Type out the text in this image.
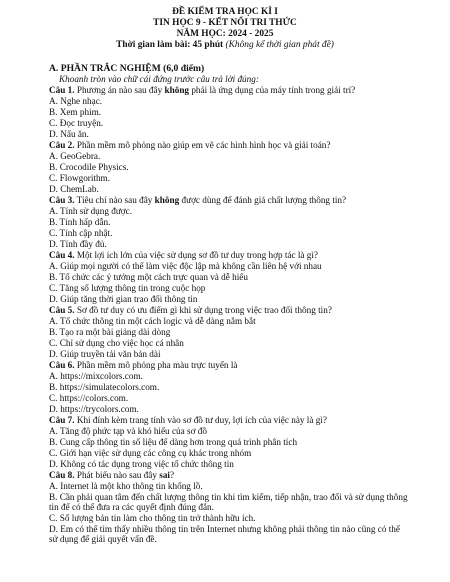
ĐỀ KIỂM TRA HỌC KÌ I
TIN HỌC 9 - KẾT NỐI TRI THỨC
NĂM HỌC: 2024 - 2025
Thời gian làm bài: 45 phút (Không kể thời gian phát đề)
A. PHẦN TRẮC NGHIỆM (6,0 điểm)
Khoanh tròn vào chữ cái đứng trước câu trả lời đúng:
Câu 1. Phương án nào sau đây không phải là ứng dụng của máy tính trong giải trí?
A. Nghe nhạc.
B. Xem phim.
C. Đọc truyện.
D. Nấu ăn.
Câu 2. Phần mềm mô phỏng nào giúp em vẽ các hình hình học và giải toán?
A. GeoGebra.
B. Crocodile Physics.
C. Flowgorithm.
D. ChemLab.
Câu 3. Tiêu chí nào sau đây không được dùng để đánh giá chất lượng thông tin?
A. Tính sử dụng được.
B. Tính hấp dẫn.
C. Tính cập nhật.
D. Tính đầy đủ.
Câu 4. Một lợi ích lớn của việc sử dụng sơ đồ tư duy trong hợp tác là gì?
A. Giúp mọi người có thể làm việc độc lập mà không cần liên hệ với nhau
B. Tổ chức các ý tưởng một cách trực quan và dễ hiểu
C. Tăng số lượng thông tin trong cuộc họp
D. Giúp tăng thời gian trao đổi thông tin
Câu 5. Sơ đồ tư duy có ưu điểm gì khi sử dụng trong việc trao đổi thông tin?
A. Tổ chức thông tin một cách logic và dễ dàng nắm bắt
B. Tạo ra một bài giảng dài dòng
C. Chỉ sử dụng cho việc học cá nhân
D. Giúp truyền tải văn bản dài
Câu 6. Phần mềm mô phỏng pha màu trực tuyến là
A. https://mixcolors.com.
B. https://simulatecolors.com.
C. https://colors.com.
D. https://trycolors.com.
Câu 7. Khi đính kèm trang tính vào sơ đồ tư duy, lợi ích của việc này là gì?
A. Tăng độ phức tạp và khó hiểu của sơ đồ
B. Cung cấp thông tin số liệu để dàng hơn trong quá trình phân tích
C. Giới hạn việc sử dụng các công cụ khác trong nhóm
D. Không có tác dụng trong việc tổ chức thông tin
Câu 8. Phát biểu nào sau đây sai?
A. Internet là một kho thông tin khổng lồ.
B. Cần phải quan tâm đến chất lượng thông tin khi tìm kiếm, tiếp nhận, trao đổi và sử dụng thông tin để có thể đưa ra các quyết định đúng đắn.
C. Số lượng bản tin làm cho thông tin trở thành hữu ích.
D. Em có thể tìm thấy nhiều thông tin trên Internet nhưng không phải thông tin nào cũng có thể sử dụng để giải quyết vấn đề.
